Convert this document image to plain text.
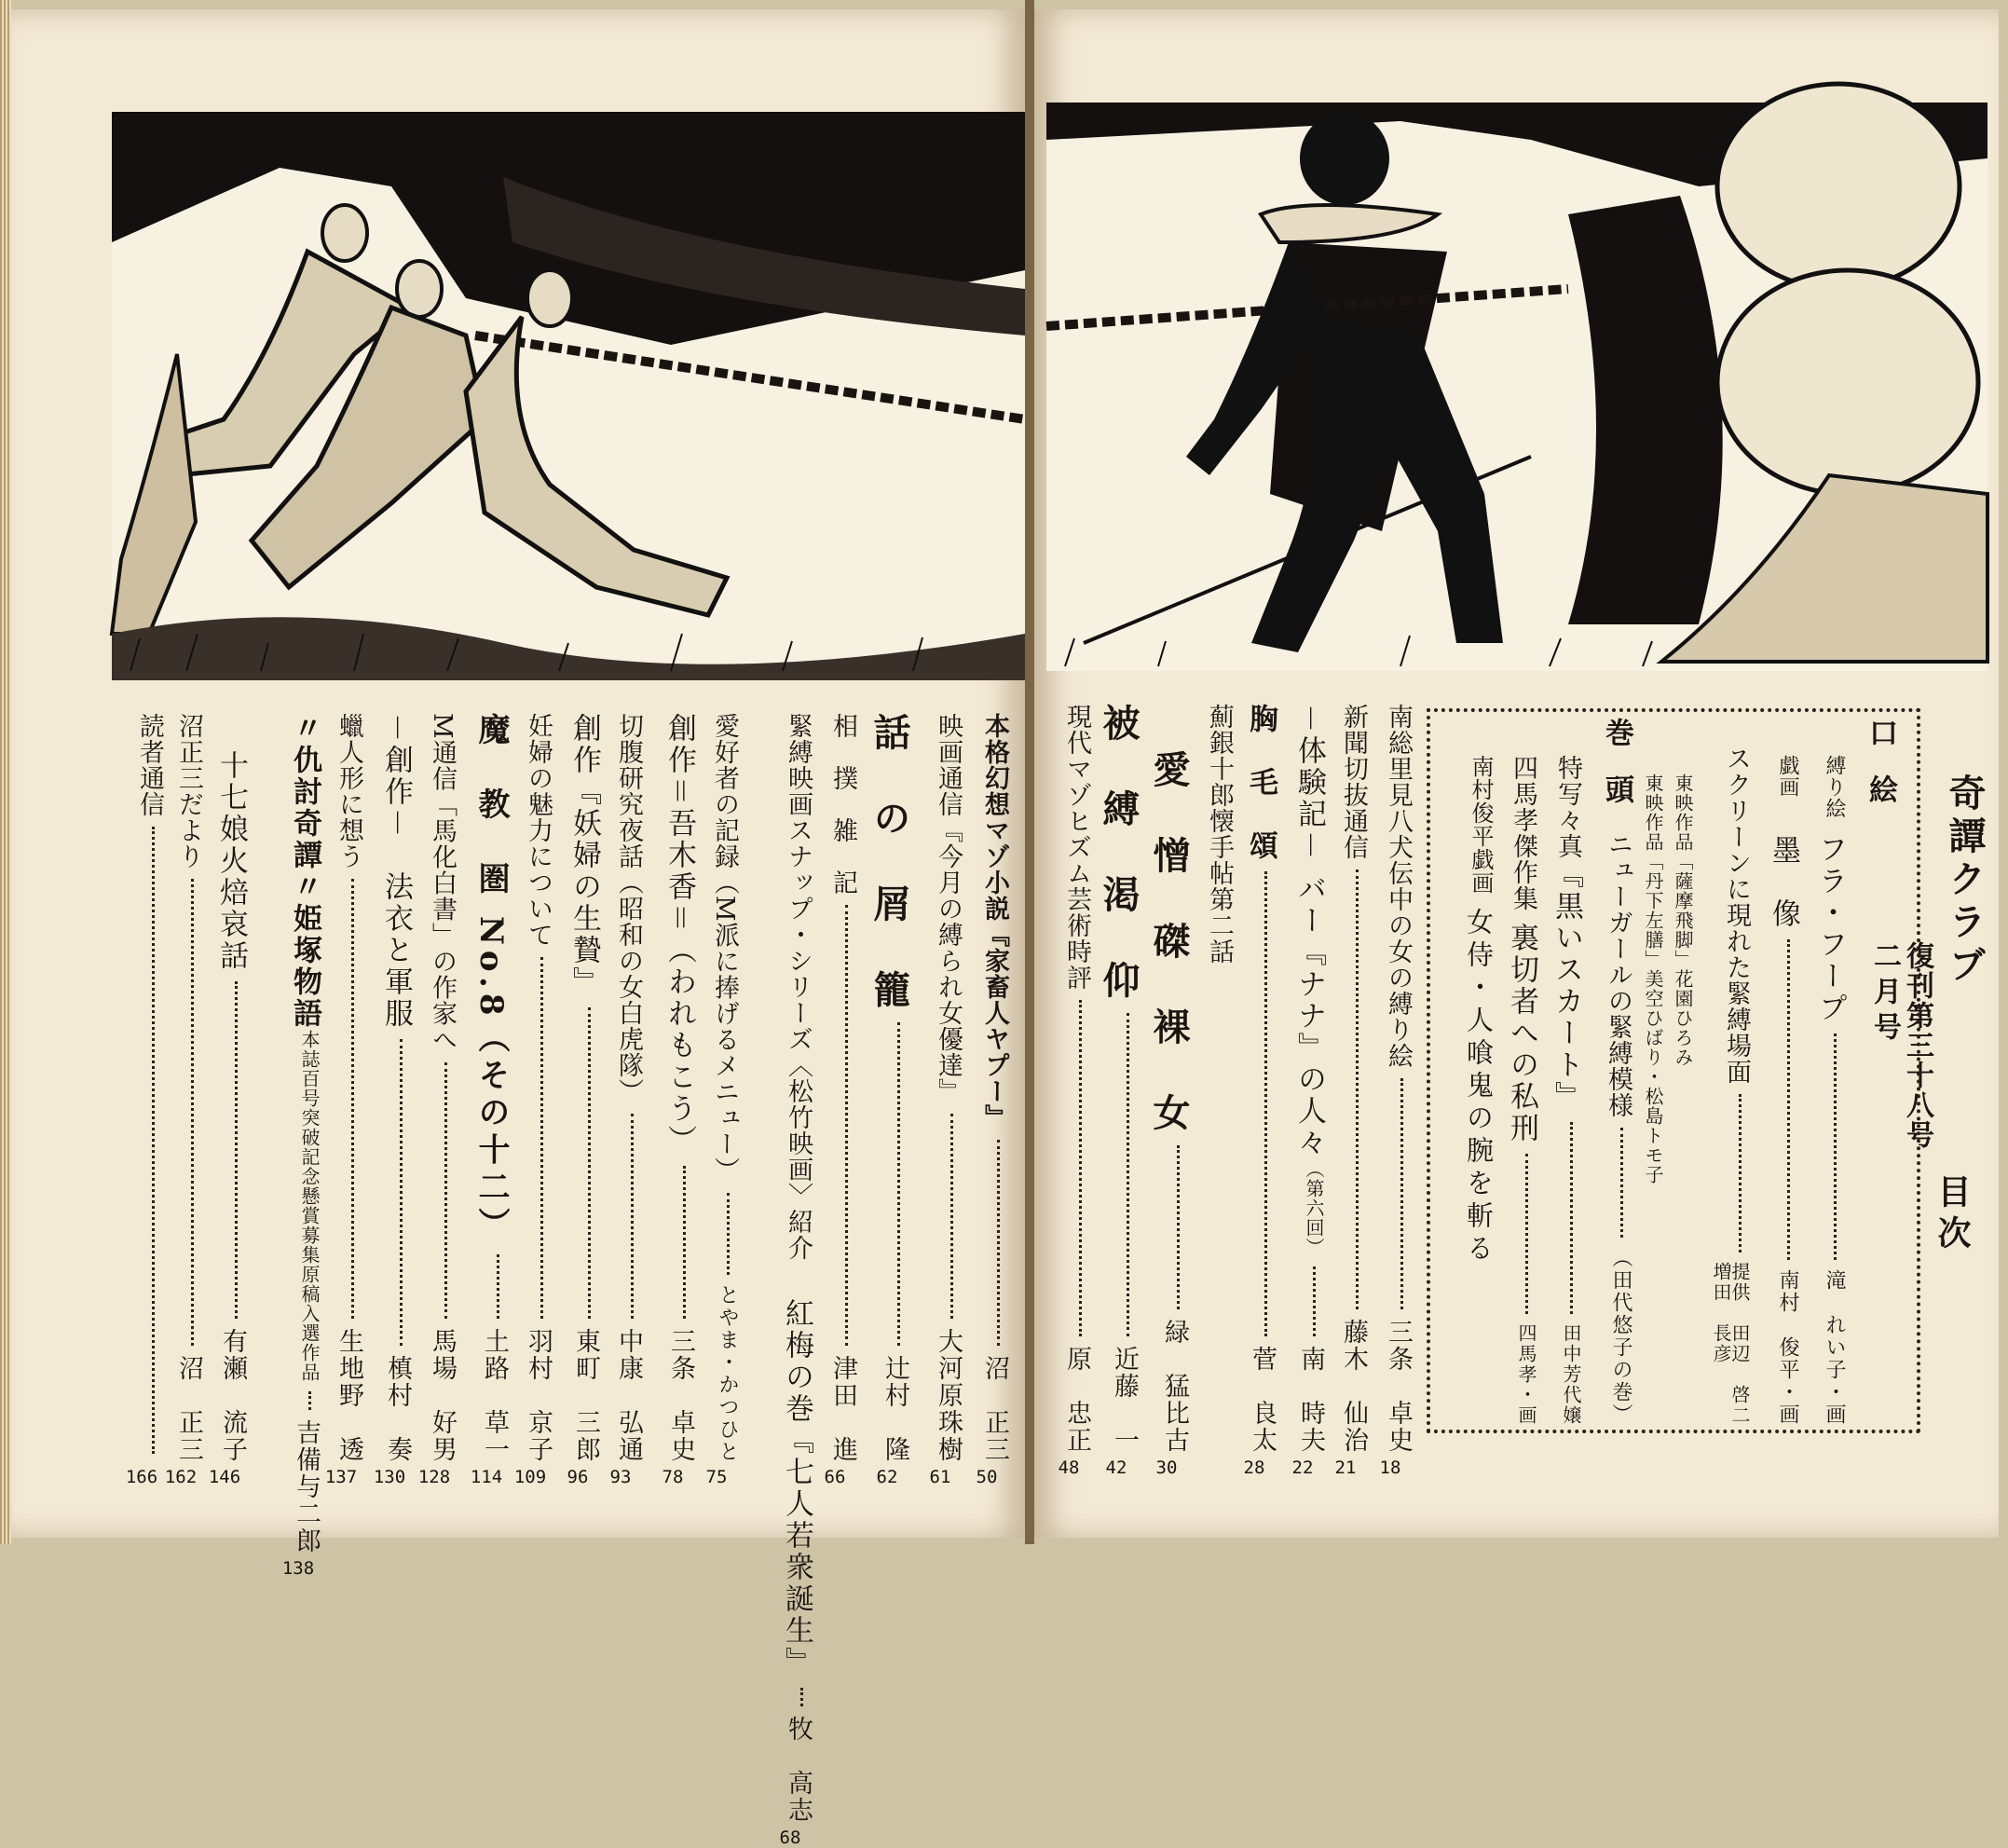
本格幻想マゾ小説『家畜人ヤプー』
沼　正三
50
映画通信『今月の縛られ女優達』
大河原珠樹
61
話　の　屑　籠
辻村　隆
62
相　撲　雑　記
津田　進
66
緊縛映画スナップ・シリーズ〈松竹映画〉紹介
紅梅の巻『七人若衆誕生』
牧　高志
68
愛好者の記録（M派に捧げるメニュー）
とやま・かつひと
75
創作＝吾木香＝（われもこう）
三条　卓史
78
切腹研究夜話（昭和の女白虎隊）
中康　弘通
93
創作『妖婦の生贄』
東町　三郎
96
妊婦の魅力について
羽村　京子
109
魔　教　圏 No.8（その十二）
土路　草一
114
M通信「馬化白書」の作家へ
馬場　好男
128
－創作－　法衣と軍服
槙村　奏
130
蠟人形に想う
生地野　透
137
〃仇討奇譚〃姫塚物語
本誌百号突破記念懸賞募集原稿入選作品
吉備与二郎
138
十七娘火焙哀話
有瀬　流子
146
沼正三だより
沼　正三
162
読者通信
166
奇譚クラブ
復刊第三十八号
二月号
目次
口絵
縛り絵
フラ・フープ
滝　れい子・画
戯画
墨　像
南村　俊平・画
スクリーンに現れた緊縛場面
提供　田辺　啓二
増田　長彦
東映作品
「薩摩飛脚」花園ひろみ
東映作品
「丹下左膳」美空ひばり・松島トモ子
巻頭
ニューガールの緊縛模様
（田代悠子の巻）
特写々真
『黒いスカート』
田中芳代嬢
四馬孝傑作集
裏切者への私刑
四馬孝・画
南村俊平戯画
女侍・人喰鬼の腕を斬る
南総里見八犬伝中の女の縛り絵
三条　卓史
18
新聞切抜通信
藤木　仙治
21
－体験記－ バー『ナナ』の人々
（第六回）
南　時夫
22
胸　毛　頌
菅　良太
28
薊銀十郎懐手帖第二話
愛　憎　磔　裸　女
緑　猛比古
30
被　縛　渇　仰
近藤　一
42
現代マゾヒズム芸術時評
原　忠正
48
